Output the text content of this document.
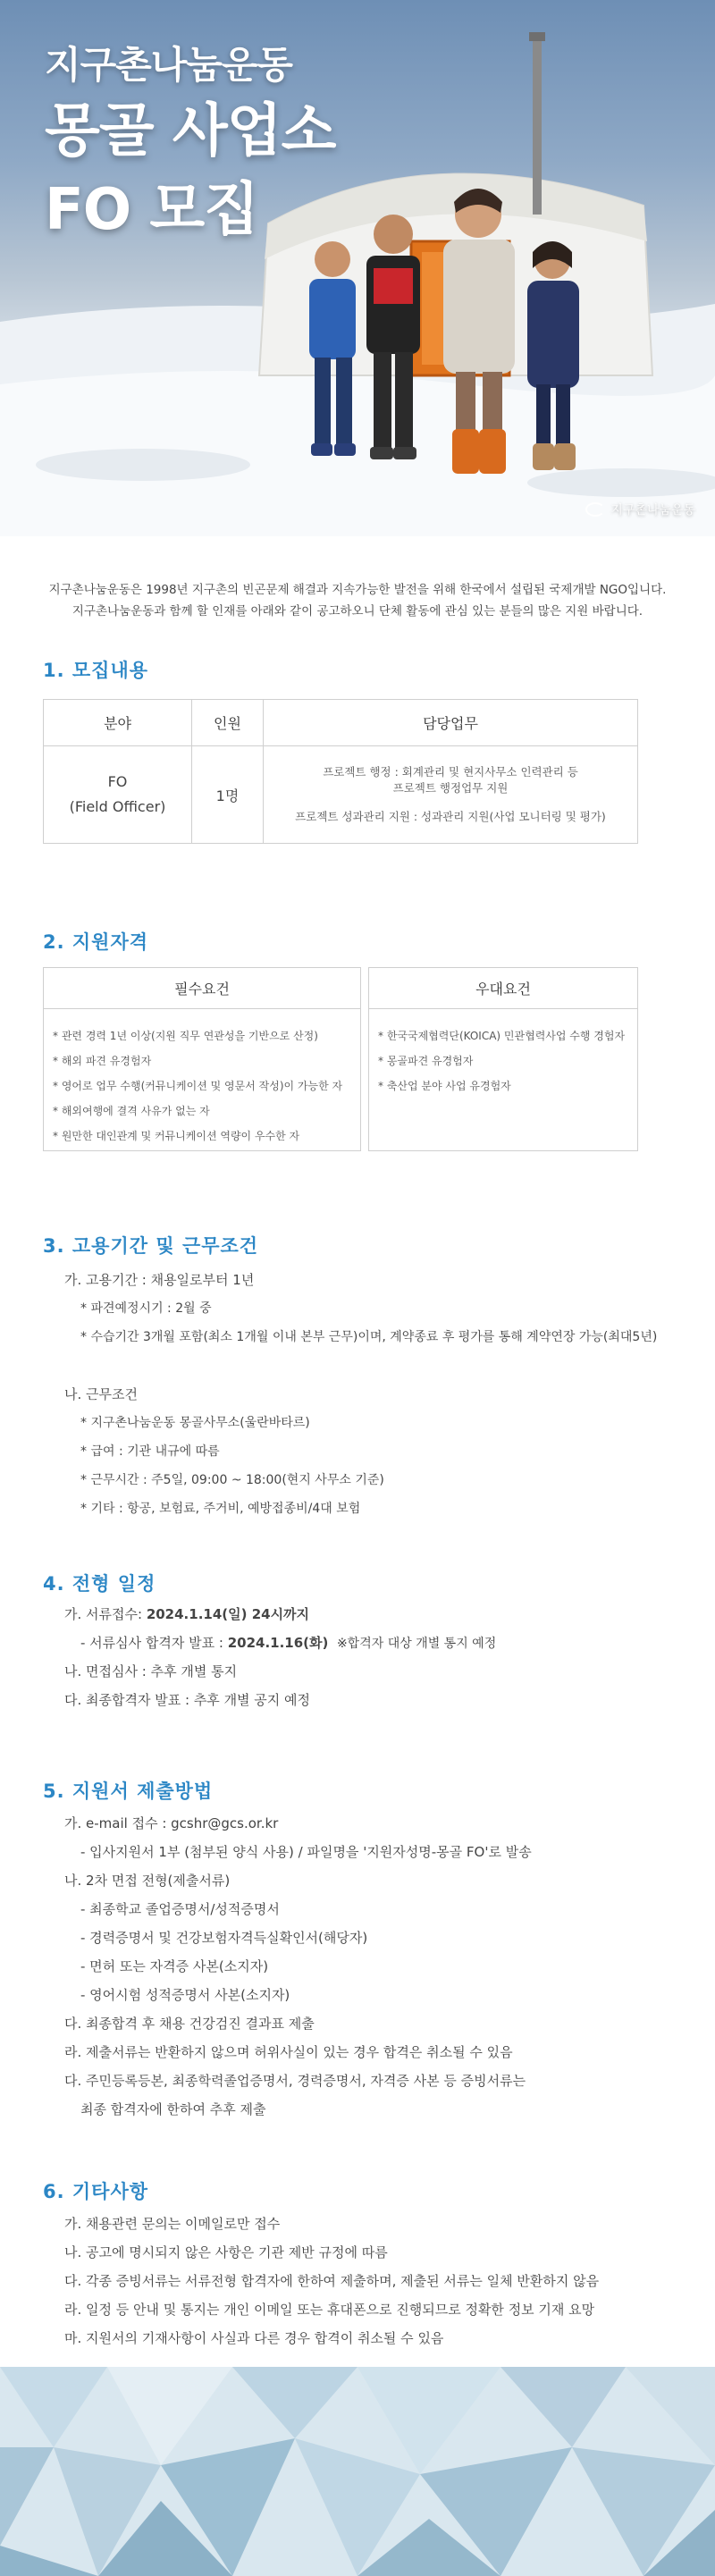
지구촌나눔운동
몽골 사업소
FO 모집
지구촌나눔운동
지구촌나눔운동은 1998년 지구촌의 빈곤문제 해결과 지속가능한 발전을 위해 한국에서 설립된 국제개발 NGO입니다.
지구촌나눔운동과 함께 할 인재를 아래와 같이 공고하오니 단체 활동에 관심 있는 분들의 많은 지원 바랍니다.
1. 모집내용
분야	인원	담당업무
FO
(Field Officer)
1명
프로젝트 행정 : 회계관리 및 현지사무소 인력관리 등
프로젝트 행정업무 지원
프로젝트 성과관리 지원 : 성과관리 지원(사업 모니터링 및 평가)
2. 지원자격
필수요건
* 관련 경력 1년 이상(지원 직무 연관성을 기반으로 산정)
* 해외 파견 유경험자
* 영어로 업무 수행(커뮤니케이션 및 영문서 작성)이 가능한 자
* 해외여행에 결격 사유가 없는 자
* 원만한 대인관계 및 커뮤니케이션 역량이 우수한 자
우대요건
* 한국국제협력단(KOICA) 민관협력사업 수행 경험자
* 몽골파견 유경험자
* 축산업 분야 사업 유경험자
3. 고용기간 및 근무조건
가. 고용기간 : 채용일로부터 1년
* 파견예정시기 : 2월 중
* 수습기간 3개월 포함(최소 1개월 이내 본부 근무)이며, 계약종료 후 평가를 통해 계약연장 가능(최대5년)
나. 근무조건
* 지구촌나눔운동 몽골사무소(울란바타르)
* 급여 : 기관 내규에 따름
* 근무시간 : 주5일, 09:00 ~ 18:00(현지 사무소 기준)
* 기타 : 항공, 보험료, 주거비, 예방접종비/4대 보험
4. 전형 일정
가. 서류접수: 2024.1.14(일) 24시까지
- 서류심사 합격자 발표 : 2024.1.16(화) ※합격자 대상 개별 통지 예정
나. 면접심사 : 추후 개별 통지
다. 최종합격자 발표 : 추후 개별 공지 예정
5. 지원서 제출방법
가. e-mail 접수 : gcshr@gcs.or.kr
- 입사지원서 1부 (첨부된 양식 사용) / 파일명을 '지원자성명-몽골 FO'로 발송
나. 2차 면접 전형(제출서류)
- 최종학교 졸업증명서/성적증명서
- 경력증명서 및 건강보험자격득실확인서(해당자)
- 면허 또는 자격증 사본(소지자)
- 영어시험 성적증명서 사본(소지자)
다. 최종합격 후 채용 건강검진 결과표 제출
라. 제출서류는 반환하지 않으며 허위사실이 있는 경우 합격은 취소될 수 있음
다. 주민등록등본, 최종학력졸업증명서, 경력증명서, 자격증 사본 등 증빙서류는
최종 합격자에 한하여 추후 제출
6. 기타사항
가. 채용관련 문의는 이메일로만 접수
나. 공고에 명시되지 않은 사항은 기관 제반 규정에 따름
다. 각종 증빙서류는 서류전형 합격자에 한하여 제출하며, 제출된 서류는 일체 반환하지 않음
라. 일정 등 안내 및 통지는 개인 이메일 또는 휴대폰으로 진행되므로 정확한 정보 기재 요망
마. 지원서의 기재사항이 사실과 다른 경우 합격이 취소될 수 있음
